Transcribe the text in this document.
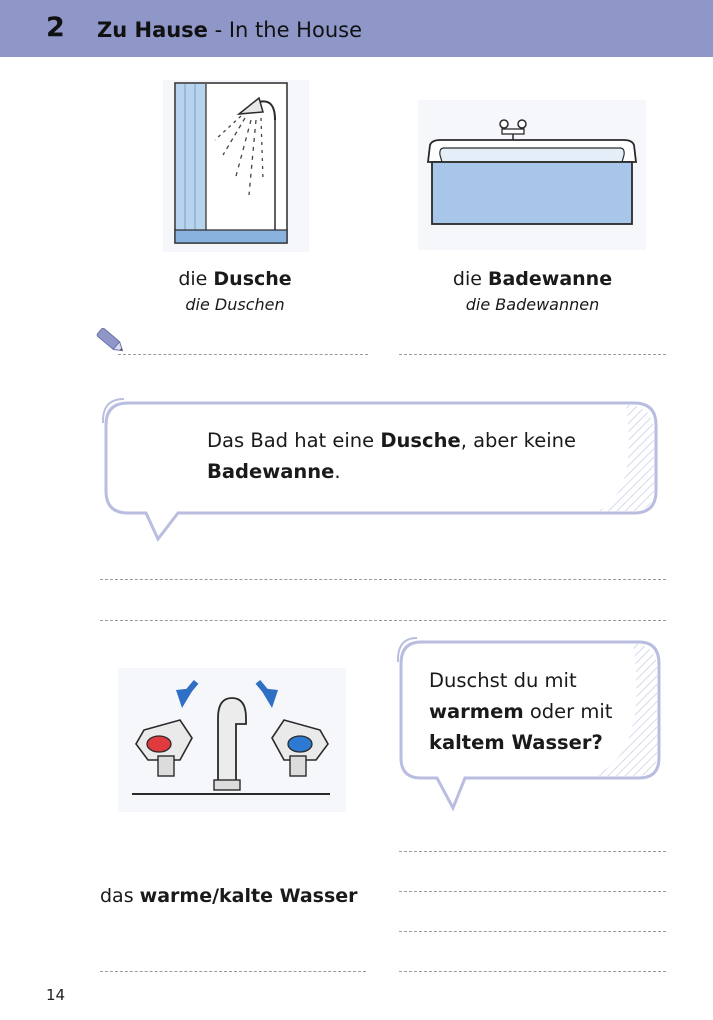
2 Zu Hause - In the House
die Dusche
die Duschen
die Badewanne
die Badewannen
Das Bad hat eine Dusche, aber keine
Badewanne.
Duschst du mit
warmem oder mit
kaltem Wasser?
das warme/kalte Wasser
14
